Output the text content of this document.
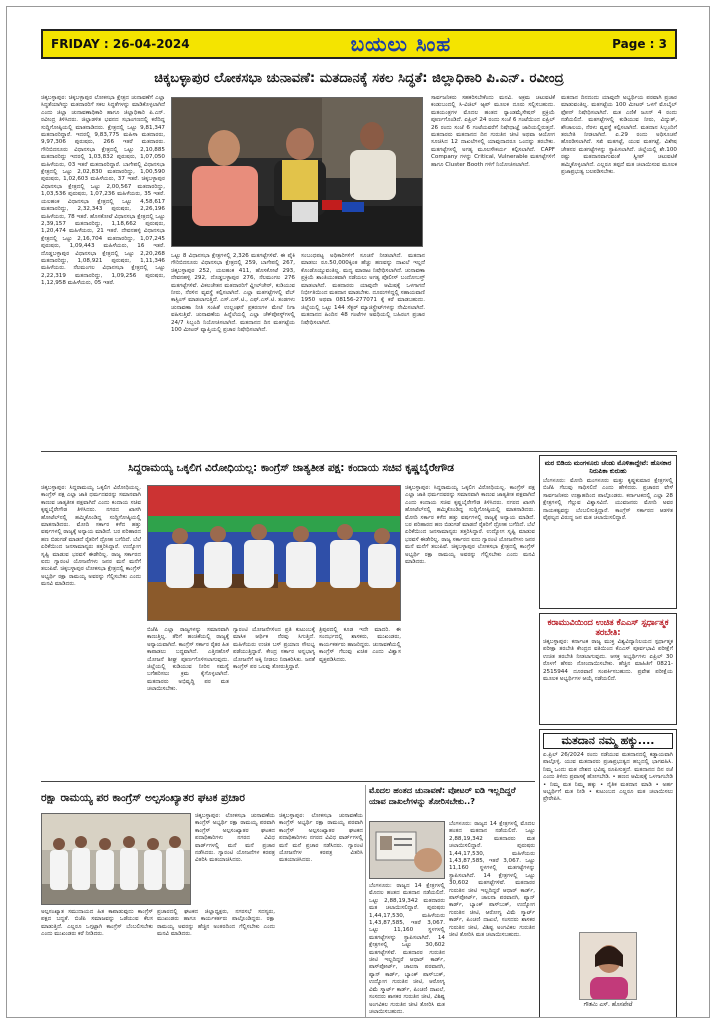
FRIDAY : 26-04-2024	ಬಯಲು ಸಿಂಹ	Page : 3
ಚಿಕ್ಕಬಳ್ಳಾಪುರ ಲೋಕಸಭಾ ಚುನಾವಣೆ: ಮತದಾನಕ್ಕೆ ಸಕಲ ಸಿದ್ಧತೆ: ಜಿಲ್ಲಾಧಿಕಾರಿ ಪಿ.ಎನ್. ರವೀಂದ್ರ
ಚಿಕ್ಕಬಳ್ಳಾಪುರ: ಚಿಕ್ಕಬಳ್ಳಾಪುರ ಲೋಕಸಭಾ ಕ್ಷೇತ್ರದ ಚುನಾವಣೆಗೆ ಎಲ್ಲಾ ಸಿದ್ಧತೆಯಾಗಿದ್ದು ಮತದಾರರಿಗೆ ಸಕಲ ಸಿದ್ಧತೆಗಳನ್ನು ಮಾಡಿಕೊಳ್ಳಲಾಗಿದೆ ಎಂದು ಜಿಲ್ಲಾ ಚುನಾವಣಾಧಿಕಾರಿ ಹಾಗೂ ಜಿಲ್ಲಾಧಿಕಾರಿ ಪಿ.ಎನ್. ರವೀಂದ್ರ ತಿಳಿಸಿದರು. ಜಿಲ್ಲಾಡಳಿತ ಭವನದ ಸಭಾಂಗಣದಲ್ಲಿ ಕರೆದಿದ್ದ ಸುದ್ದಿಗೋಷ್ಠಿಯಲ್ಲಿ ಮಾತನಾಡಿದರು. ಕ್ಷೇತ್ರದಲ್ಲಿ ಒಟ್ಟು 9,81,347 ಮತದಾರರಿದ್ದಾರೆ. ಇದರಲ್ಲಿ 9,83,775 ಮಹಿಳಾ ಮತದಾರರು, 9,97,306 ಪುರುಷರು, 266 ಇತರೆ ಮತದಾರರು. ಗೌರಿಬಿದನೂರು ವಿಧಾನಸಭಾ ಕ್ಷೇತ್ರದಲ್ಲಿ ಒಟ್ಟು 2,10,885 ಮತದಾರರಿದ್ದು ಇದರಲ್ಲಿ 1,03,832 ಪುರುಷರು, 1,07,050 ಮಹಿಳೆಯರು, 03 ಇತರೆ ಮತದಾರರಿದ್ದಾರೆ. ಬಾಗೇಪಲ್ಲಿ ವಿಧಾನಸಭಾ ಕ್ಷೇತ್ರದಲ್ಲಿ ಒಟ್ಟು 2,02,830 ಮತದಾರರಿದ್ದು, 1,00,590 ಪುರುಷರು, 1,02,603 ಮಹಿಳೆಯರು, 37 ಇತರೆ. ಚಿಕ್ಕಬಳ್ಳಾಪುರ ವಿಧಾನಸಭಾ ಕ್ಷೇತ್ರದಲ್ಲಿ ಒಟ್ಟು 2,00,567 ಮತದಾರರಿದ್ದು, 1,03,536 ಪುರುಷರು, 1,07,236 ಮಹಿಳೆಯರು, 35 ಇತರೆ. ಯಲಹಂಕ ವಿಧಾನಸಭಾ ಕ್ಷೇತ್ರದಲ್ಲಿ ಒಟ್ಟು 4,58,617 ಮತದಾರರಿದ್ದು, 2,32,343 ಪುರುಷರು, 2,26,196 ಮಹಿಳೆಯರು, 78 ಇತರೆ. ಹೊಸಕೋಟೆ ವಿಧಾನಸಭಾ ಕ್ಷೇತ್ರದಲ್ಲಿ ಒಟ್ಟು 2,39,157 ಮತದಾರರಿದ್ದು, 1,18,662 ಪುರುಷರು, 1,20,474 ಮಹಿಳೆಯರು, 21 ಇತರೆ. ದೇವನಹಳ್ಳಿ ವಿಧಾನಸಭಾ ಕ್ಷೇತ್ರದಲ್ಲಿ ಒಟ್ಟು 2,16,704 ಮತದಾರರಿದ್ದು, 1,07,245 ಪುರುಷರು, 1,09,443 ಮಹಿಳೆಯರು, 16 ಇತರೆ. ದೊಡ್ಡಬಳ್ಳಾಪುರ ವಿಧಾನಸಭಾ ಕ್ಷೇತ್ರದಲ್ಲಿ ಒಟ್ಟು 2,20,268 ಮತದಾರರಿದ್ದು, 1,08,921 ಪುರುಷರು, 1,11,346 ಮಹಿಳೆಯರು. ನೆಲಮಂಗಲ ವಿಧಾನಸಭಾ ಕ್ಷೇತ್ರದಲ್ಲಿ ಒಟ್ಟು 2,22,319 ಮತದಾರರಿದ್ದು, 1,09,256 ಪುರುಷರು, 1,12,958 ಮಹಿಳೆಯರು, 05 ಇತರೆ.
ಒಟ್ಟು 8 ವಿಧಾನಸಭಾ ಕ್ಷೇತ್ರಗಳಲ್ಲಿ 2,326 ಮತಗಟ್ಟೆಗಳಿವೆ. ಈ ಪೈಕಿ ಗೌರಿಬಿದನೂರು ವಿಧಾನಸಭಾ ಕ್ಷೇತ್ರದಲ್ಲಿ 259, ಬಾಗೇಪಲ್ಲಿ 267, ಚಿಕ್ಕಬಳ್ಳಾಪುರ 252, ಯಲಹಂಕ 411, ಹೊಸಕೋಟೆ 293, ದೇವನಹಳ್ಳಿ 292, ದೊಡ್ಡಬಳ್ಳಾಪುರ 276, ನೆಲಮಂಗಲ 276 ಮತಗಟ್ಟೆಗಳಿವೆ. ವಿಕಲಚೇತನ ಮತದಾರರಿಗೆ ವ್ಹೀಲ್‌ಚೇರ್, ಕುಡಿಯುವ ನೀರು, ನೆರಳಿನ ವ್ಯವಸ್ಥೆ ಕಲ್ಪಿಸಲಾಗಿದೆ. ಎಲ್ಲಾ ಮತಗಟ್ಟೆಗಳಲ್ಲಿ ವೆಬ್ ಕಾಸ್ಟಿಂಗ್ ಮಾಡಲಾಗುತ್ತಿದೆ. ಎಸ್.ಎಸ್.ಟಿ., ಎಫ್.ಎಸ್.ಟಿ. ತಂಡಗಳು ಚುನಾವಣಾ ನೀತಿ ಸಂಹಿತೆ ಉಲ್ಲಂಘನೆ ಪ್ರಕರಣಗಳ ಮೇಲೆ ನಿಗಾ ವಹಿಸುತ್ತಿವೆ. ಚುನಾವಣೆಯ ಹಿನ್ನೆಲೆಯಲ್ಲಿ ಎಲ್ಲಾ ಚೆಕ್‌ಪೋಸ್ಟ್‌ಗಳಲ್ಲಿ 24/7 ಸಿಬ್ಬಂದಿ ನಿಯೋಜಿಸಲಾಗಿದೆ. ಮತದಾನದ ದಿನ ಮತಗಟ್ಟೆಯ 100 ಮೀಟರ್ ವ್ಯಾಪ್ತಿಯಲ್ಲಿ ಪ್ರಚಾರ ನಿಷೇಧಿಸಲಾಗಿದೆ.
ಸಂಬಂಧಪಟ್ಟ ಅಧಿಕಾರಿಗಳಿಗೆ ಸೂಚನೆ ನೀಡಲಾಗಿದೆ. ಮತದಾನ ಮಾಡಲು ರೂ.50,000ಕ್ಕಿಂತ ಹೆಚ್ಚು ಹಣವನ್ನು ದಾಖಲೆ ಇಲ್ಲದೆ ಕೊಂಡೊಯ್ಯುವಂತಿಲ್ಲ. ಮದ್ಯ ಮಾರಾಟ ನಿಷೇಧಿಸಲಾಗಿದೆ. ಚುನಾವಣಾ ಪ್ರಕ್ರಿಯೆ ಶಾಂತಿಯುತವಾಗಿ ನಡೆಯಲು ಅಗತ್ಯ ಪೊಲೀಸ್ ಬಂದೋಬಸ್ತ್ ಮಾಡಲಾಗಿದೆ. ಮತದಾರರು ಯಾವುದೇ ಆಮಿಷಕ್ಕೆ ಒಳಗಾಗದೆ ನಿರ್ಭೀತಿಯಿಂದ ಮತದಾನ ಮಾಡಬೇಕು. ದೂರುಗಳಿದ್ದಲ್ಲಿ ಸಹಾಯವಾಣಿ 1950 ಅಥವಾ 08156-277071 ಕ್ಕೆ ಕರೆ ಮಾಡಬಹುದು. ಜಿಲ್ಲೆಯಲ್ಲಿ ಒಟ್ಟು 144 ಸೆಕ್ಟರ್ ಮ್ಯಾಜಿಸ್ಟ್ರೇಟ್‌ಗಳನ್ನು ನೇಮಿಸಲಾಗಿದೆ. ಮತದಾನದ ಹಿಂದಿನ 48 ಗಂಟೆಗಳ ಅವಧಿಯಲ್ಲಿ ಬಹಿರಂಗ ಪ್ರಚಾರ ನಿಷೇಧಿಸಲಾಗಿದೆ.
ಸಾರ್ವಜನಿಕರು ಸಹಕರಿಸಬೇಕೆಂದು ಮನವಿ. ಅಕ್ರಮ ಚಟುವಟಿಕೆ ಕಂಡುಬಂದಲ್ಲಿ ಸಿ-ವಿಜಿಲ್ ಆ್ಯಪ್ ಮೂಲಕ ದೂರು ಸಲ್ಲಿಸಬಹುದು. ಮತಯಂತ್ರಗಳ ಮೊದಲ ಹಂತದ ರ‍್ಯಾಂಡಮೈಸೇಷನ್ ಪ್ರಕ್ರಿಯೆ ಪೂರ್ಣಗೊಂಡಿದೆ. ಏಪ್ರಿಲ್ 24 ರಂದು ಸಂಜೆ 6 ಗಂಟೆಯಿಂದ ಏಪ್ರಿಲ್ 26 ರಂದು ಸಂಜೆ 6 ಗಂಟೆಯವರೆಗೆ ನಿಷೇಧಾಜ್ಞೆ ಜಾರಿಯಲ್ಲಿರುತ್ತದೆ. ಮತದಾರರು ಮತದಾನದ ದಿನ ಗುರುತಿನ ಚೀಟಿ ಅಥವಾ ಆಯೋಗ ಸೂಚಿಸಿದ 12 ದಾಖಲೆಗಳಲ್ಲಿ ಯಾವುದಾದರೂ ಒಂದನ್ನು ತರಬೇಕು. ಮತಗಟ್ಟೆಗಳಲ್ಲಿ ಅಗತ್ಯ ಮೂಲಸೌಕರ್ಯ ಕಲ್ಪಿಸಲಾಗಿದೆ. CAPF Company ಗಳನ್ನು Critical, Vulnerable ಮತಗಟ್ಟೆಗಳಿಗೆ ಹಾಗೂ Cluster Booth ಗಳಿಗೆ ನಿಯೋಜಿಸಲಾಗಿದೆ.
ಮತದಾನ ದಿನದಂದು ಯಾವುದೇ ಅಭ್ಯರ್ಥಿಯ ಪರವಾಗಿ ಪ್ರಚಾರ ಮಾಡುವಂತಿಲ್ಲ. ಮತಗಟ್ಟೆಯ 100 ಮೀಟರ್ ಒಳಗೆ ಮೊಬೈಲ್ ಫೋನ್ ನಿಷೇಧಿಸಲಾಗಿದೆ. ಮತ ಎಣಿಕೆ ಜೂನ್ 4 ರಂದು ನಡೆಯಲಿದೆ. ಮತಗಟ್ಟೆಗಳಲ್ಲಿ ಕುಡಿಯುವ ನೀರು, ವಿದ್ಯುತ್, ಶೌಚಾಲಯ, ನೆರಳು ವ್ಯವಸ್ಥೆ ಕಲ್ಪಿಸಲಾಗಿದೆ. ಮತದಾನ ಸಿಬ್ಬಂದಿಗೆ ತರಬೇತಿ ನೀಡಲಾಗಿದೆ. ಏ.29 ರಂದು ಅಧಿಸೂಚನೆ ಹೊರಡಿಸಲಾಗಿದೆ. ಸಖಿ ಮತಗಟ್ಟೆ, ಯುವ ಮತಗಟ್ಟೆ, ವಿಶೇಷ ಚೇತನರ ಮತಗಟ್ಟೆಗಳನ್ನು ಸ್ಥಾಪಿಸಲಾಗಿದೆ. ಜಿಲ್ಲೆಯಲ್ಲಿ ಶೇ.100 ರಷ್ಟು ಮತದಾನವಾಗುವಂತೆ ಸ್ವೀಪ್ ಚಟುವಟಿಕೆ ಹಮ್ಮಿಕೊಳ್ಳಲಾಗಿದೆ. ಎಲ್ಲರೂ ತಪ್ಪದೆ ಮತ ಚಲಾಯಿಸುವ ಮೂಲಕ ಪ್ರಜಾಪ್ರಭುತ್ವ ಬಲಪಡಿಸಬೇಕು.
ಸಿದ್ದರಾಮಯ್ಯ ಒಕ್ಕಲಿಗ ವಿರೋಧಿಯಲ್ಲ: ಕಾಂಗ್ರೆಸ್ ಜಾತ್ಯತೀತ ಪಕ್ಷ: ಕಂದಾಯ ಸಚಿವ ಕೃಷ್ಣಬೈರೇಗೌಡ
ಚಿಕ್ಕಬಳ್ಳಾಪುರ: ಸಿದ್ದರಾಮಯ್ಯ ಒಕ್ಕಲಿಗ ವಿರೋಧಿಯಲ್ಲ. ಕಾಂಗ್ರೆಸ್ ಪಕ್ಷ ಎಲ್ಲಾ ಜಾತಿ ಧರ್ಮದವರನ್ನು ಸಮಾನವಾಗಿ ಕಾಣುವ ಜಾತ್ಯತೀತ ಪಕ್ಷವಾಗಿದೆ ಎಂದು ಕಂದಾಯ ಸಚಿವ ಕೃಷ್ಣಬೈರೇಗೌಡ ತಿಳಿಸಿದರು. ನಗರದ ಖಾಸಗಿ ಹೋಟೆಲ್‌ನಲ್ಲಿ ಹಮ್ಮಿಕೊಂಡಿದ್ದ ಸುದ್ದಿಗೋಷ್ಠಿಯಲ್ಲಿ ಮಾತನಾಡಿದರು. ಮೋದಿ ಸರ್ಕಾರ ಕಳೆದ ಹತ್ತು ವರ್ಷಗಳಲ್ಲಿ ರಾಜ್ಯಕ್ಕೆ ಅನ್ಯಾಯ ಮಾಡಿದೆ. ಬರ ಪರಿಹಾರದ ಹಣ ಬಿಡುಗಡೆ ಮಾಡದೆ ರೈತರಿಗೆ ದ್ರೋಹ ಬಗೆದಿದೆ. ಬೆಲೆ ಏರಿಕೆಯಿಂದ ಜನಸಾಮಾನ್ಯರು ತತ್ತರಿಸಿದ್ದಾರೆ. ಉದ್ಯೋಗ ಸೃಷ್ಟಿ ಮಾಡುವ ಭರವಸೆ ಈಡೇರಿಲ್ಲ. ರಾಜ್ಯ ಸರ್ಕಾರದ ಐದು ಗ್ಯಾರಂಟಿ ಯೋಜನೆಗಳು ಜನರ ಮನೆ ಮನೆಗೆ ತಲುಪಿವೆ. ಚಿಕ್ಕಬಳ್ಳಾಪುರ ಲೋಕಸಭಾ ಕ್ಷೇತ್ರದಲ್ಲಿ ಕಾಂಗ್ರೆಸ್ ಅಭ್ಯರ್ಥಿ ರಕ್ಷಾ ರಾಮಯ್ಯ ಅವರನ್ನು ಗೆಲ್ಲಿಸಬೇಕು ಎಂದು ಮನವಿ ಮಾಡಿದರು.
ಬಿಜೆಪಿ ಎಲ್ಲಾ ರಾಜ್ಯಗಳನ್ನು ಸಮಾನವಾಗಿ ಕಾಣುತ್ತಿಲ್ಲ. ತೆರಿಗೆ ಹಂಚಿಕೆಯಲ್ಲಿ ರಾಜ್ಯಕ್ಕೆ ಅನ್ಯಾಯವಾಗಿದೆ. ಕಾಂಗ್ರೆಸ್ ಸರ್ಕಾರ ರೈತರ ಹಿತ ಕಾಪಾಡಲು ಬದ್ಧವಾಗಿದೆ. ಎತ್ತಿನಹೊಳೆ ಯೋಜನೆ ಶೀಘ್ರ ಪೂರ್ಣಗೊಳಿಸಲಾಗುವುದು. ಜಿಲ್ಲೆಯಲ್ಲಿ ಕುಡಿಯುವ ನೀರಿನ ಸಮಸ್ಯೆ ಬಗೆಹರಿಸಲು ಕ್ರಮ ಕೈಗೊಳ್ಳಲಾಗಿದೆ. ಮತದಾರರು ಅಭಿವೃದ್ಧಿ ಪರ ಮತ ಚಲಾಯಿಸಬೇಕು.
ಗ್ಯಾರಂಟಿ ಯೋಜನೆಗಳಿಂದ ಪ್ರತಿ ಕುಟುಂಬಕ್ಕೆ ಮಾಸಿಕ ಆರ್ಥಿಕ ನೆರವು ಸಿಗುತ್ತಿದೆ. ಮಹಿಳೆಯರು ಉಚಿತ ಬಸ್ ಪ್ರಯಾಣ ಸೌಲಭ್ಯ ಪಡೆಯುತ್ತಿದ್ದಾರೆ. ಕೇಂದ್ರ ಸರ್ಕಾರ ಅನ್ನಭಾಗ್ಯ ಯೋಜನೆಗೆ ಅಕ್ಕಿ ನೀಡಲು ನಿರಾಕರಿಸಿತು. ಜನತೆ ಕಾಂಗ್ರೆಸ್ ಪರ ಒಲವು ತೋರುತ್ತಿದ್ದಾರೆ.
ತ್ರಿಪುರದಲ್ಲಿ ಕೂಡ ಇದೇ ಮಾದರಿ. ಈ ಸಂದರ್ಭದಲ್ಲಿ ಶಾಸಕರು, ಮುಖಂಡರು, ಕಾರ್ಯಕರ್ತರು ಹಾಜರಿದ್ದರು. ಚುನಾವಣೆಯಲ್ಲಿ ಕಾಂಗ್ರೆಸ್ ಗೆಲುವು ಖಚಿತ ಎಂದು ವಿಶ್ವಾಸ ವ್ಯಕ್ತಪಡಿಸಿದರು.
ಚಿಕ್ಕಬಳ್ಳಾಪುರ: ಸಿದ್ದರಾಮಯ್ಯ ಒಕ್ಕಲಿಗ ವಿರೋಧಿಯಲ್ಲ. ಕಾಂಗ್ರೆಸ್ ಪಕ್ಷ ಎಲ್ಲಾ ಜಾತಿ ಧರ್ಮದವರನ್ನು ಸಮಾನವಾಗಿ ಕಾಣುವ ಜಾತ್ಯತೀತ ಪಕ್ಷವಾಗಿದೆ ಎಂದು ಕಂದಾಯ ಸಚಿವ ಕೃಷ್ಣಬೈರೇಗೌಡ ತಿಳಿಸಿದರು. ನಗರದ ಖಾಸಗಿ ಹೋಟೆಲ್‌ನಲ್ಲಿ ಹಮ್ಮಿಕೊಂಡಿದ್ದ ಸುದ್ದಿಗೋಷ್ಠಿಯಲ್ಲಿ ಮಾತನಾಡಿದರು. ಮೋದಿ ಸರ್ಕಾರ ಕಳೆದ ಹತ್ತು ವರ್ಷಗಳಲ್ಲಿ ರಾಜ್ಯಕ್ಕೆ ಅನ್ಯಾಯ ಮಾಡಿದೆ. ಬರ ಪರಿಹಾರದ ಹಣ ಬಿಡುಗಡೆ ಮಾಡದೆ ರೈತರಿಗೆ ದ್ರೋಹ ಬಗೆದಿದೆ. ಬೆಲೆ ಏರಿಕೆಯಿಂದ ಜನಸಾಮಾನ್ಯರು ತತ್ತರಿಸಿದ್ದಾರೆ. ಉದ್ಯೋಗ ಸೃಷ್ಟಿ ಮಾಡುವ ಭರವಸೆ ಈಡೇರಿಲ್ಲ. ರಾಜ್ಯ ಸರ್ಕಾರದ ಐದು ಗ್ಯಾರಂಟಿ ಯೋಜನೆಗಳು ಜನರ ಮನೆ ಮನೆಗೆ ತಲುಪಿವೆ. ಚಿಕ್ಕಬಳ್ಳಾಪುರ ಲೋಕಸಭಾ ಕ್ಷೇತ್ರದಲ್ಲಿ ಕಾಂಗ್ರೆಸ್ ಅಭ್ಯರ್ಥಿ ರಕ್ಷಾ ರಾಮಯ್ಯ ಅವರನ್ನು ಗೆಲ್ಲಿಸಬೇಕು ಎಂದು ಮನವಿ ಮಾಡಿದರು.
ಮರ ಬಿಡಿಯ ಮಂಗಳೂರು ಚೆಂಡು ಮೊಳಿತಾದ್ದೇವೆ: ಹೊಸಕಾರ ನಿರುಪಿಕಾ ಕುರುಹು
ಬೆಂಗಳೂರು: ಮೋದಿ ಮಂಗಳೂರು ಮತ್ತು ಕೃಷ್ಣಕುಮಾರ ಕ್ಷೇತ್ರಗಳಲ್ಲಿ ಬಿಜೆಪಿ ಗೆಲುವು ಸಾಧಿಸಲಿದೆ ಎಂದು ಹೇಳಿದರು. ಪ್ರಚಾರದ ವೇಳೆ ಸಾರ್ವಜನಿಕರು ಉತ್ಸಾಹದಿಂದ ಪಾಲ್ಗೊಂಡರು. ಕರ್ನಾಟಕದಲ್ಲಿ ಎಲ್ಲಾ 28 ಕ್ಷೇತ್ರಗಳಲ್ಲಿ ಗೆಲ್ಲುವ ವಿಶ್ವಾಸವಿದೆ. ಯುವಜನರು ಮೋದಿ ಅವರ ನಾಯಕತ್ವವನ್ನು ಬೆಂಬಲಿಸುತ್ತಿದ್ದಾರೆ. ಕಾಂಗ್ರೆಸ್ ಸರ್ಕಾರದ ಆಡಳಿತ ವೈಫಲ್ಯದ ವಿರುದ್ಧ ಜನ ಮತ ಚಲಾಯಿಸಲಿದ್ದಾರೆ.
ಕರಾಮುವಿಯಿಂದ ಉಚಿತ ಕೆಎಎಸ್ ಸ್ಪರ್ಧಾತ್ಮಕ ತರಬೇತಿ:
ಚಿಕ್ಕಬಳ್ಳಾಪುರ: ಕರ್ನಾಟಕ ರಾಜ್ಯ ಮುಕ್ತ ವಿಶ್ವವಿದ್ಯಾನಿಲಯದ ಸ್ಪರ್ಧಾತ್ಮಕ ಪರೀಕ್ಷಾ ತರಬೇತಿ ಕೇಂದ್ರದ ವತಿಯಿಂದ ಕೆಎಎಸ್ ಪೂರ್ವಭಾವಿ ಪರೀಕ್ಷೆಗೆ ಉಚಿತ ತರಬೇತಿ ನೀಡಲಾಗುವುದು. ಆಸಕ್ತ ಅಭ್ಯರ್ಥಿಗಳು ಏಪ್ರಿಲ್ 30 ರೊಳಗೆ ಹೆಸರು ನೋಂದಾಯಿಸಬೇಕು. ಹೆಚ್ಚಿನ ಮಾಹಿತಿಗೆ 0821-2515944 ದೂರವಾಣಿ ಸಂಪರ್ಕಿಸಬಹುದು. ಪ್ರವೇಶ ಪರೀಕ್ಷೆಯ ಮೂಲಕ ಅಭ್ಯರ್ಥಿಗಳ ಆಯ್ಕೆ ನಡೆಯಲಿದೆ.
ರಕ್ಷಾ ರಾಮಯ್ಯ ಪರ ಕಾಂಗ್ರೆಸ್ ಅಲ್ಪಸಂಖ್ಯಾತರ ಘಟಕ ಪ್ರಚಾರ
ಚಿಕ್ಕಬಳ್ಳಾಪುರ: ಲೋಕಸಭಾ ಚುನಾವಣೆಯ ಕಾಂಗ್ರೆಸ್ ಅಭ್ಯರ್ಥಿ ರಕ್ಷಾ ರಾಮಯ್ಯ ಪರವಾಗಿ ಕಾಂಗ್ರೆಸ್ ಅಲ್ಪಸಂಖ್ಯಾತರ ಘಟಕದ ಪದಾಧಿಕಾರಿಗಳು ನಗರದ ವಿವಿಧ ವಾರ್ಡ್‌ಗಳಲ್ಲಿ ಮನೆ ಮನೆ ಪ್ರಚಾರ ನಡೆಸಿದರು. ಗ್ಯಾರಂಟಿ ಯೋಜನೆಗಳ ಕರಪತ್ರ ವಿತರಿಸಿ ಮತಯಾಚಿಸಿದರು.
ಅಲ್ಪಸಂಖ್ಯಾತ ಸಮುದಾಯದ ಹಿತ ಕಾಪಾಡುವುದು ಕಾಂಗ್ರೆಸ್ ಪಕ್ಷದ ಬದ್ಧತೆ. ಬಿಜೆಪಿ ಸಮಾಜವನ್ನು ಒಡೆಯುವ ಕೆಲಸ ಮಾಡುತ್ತಿದೆ. ಎಲ್ಲರೂ ಒಗ್ಗಟ್ಟಾಗಿ ಕಾಂಗ್ರೆಸ್ ಬೆಂಬಲಿಸಬೇಕು ಎಂದು ಮುಖಂಡರು ಕರೆ ನೀಡಿದರು.
ಪ್ರಚಾರದಲ್ಲಿ ಘಟಕದ ಜಿಲ್ಲಾಧ್ಯಕ್ಷರು, ನಗರಸಭೆ ಸದಸ್ಯರು, ಮುಖಂಡರು ಹಾಗೂ ಕಾರ್ಯಕರ್ತರು ಪಾಲ್ಗೊಂಡಿದ್ದರು. ರಕ್ಷಾ ರಾಮಯ್ಯ ಅವರನ್ನು ಹೆಚ್ಚಿನ ಅಂತರದಿಂದ ಗೆಲ್ಲಿಸಬೇಕು ಎಂದು ಮನವಿ ಮಾಡಿದರು.
ಚಿಕ್ಕಬಳ್ಳಾಪುರ: ಲೋಕಸಭಾ ಚುನಾವಣೆಯ ಕಾಂಗ್ರೆಸ್ ಅಭ್ಯರ್ಥಿ ರಕ್ಷಾ ರಾಮಯ್ಯ ಪರವಾಗಿ ಕಾಂಗ್ರೆಸ್ ಅಲ್ಪಸಂಖ್ಯಾತರ ಘಟಕದ ಪದಾಧಿಕಾರಿಗಳು ನಗರದ ವಿವಿಧ ವಾರ್ಡ್‌ಗಳಲ್ಲಿ ಮನೆ ಮನೆ ಪ್ರಚಾರ ನಡೆಸಿದರು. ಗ್ಯಾರಂಟಿ ಯೋಜನೆಗಳ ಕರಪತ್ರ ವಿತರಿಸಿ ಮತಯಾಚಿಸಿದರು.
ಮೊದಲ ಹಂತದ ಚುನಾವಣೆ: ವೋಟರ್ ಐಡಿ ಇಲ್ಲದಿದ್ದರೆ ಯಾವ ದಾಖಲೆಗಳನ್ನು ತೋರಿಸಬೇಕು..?
ಬೆಂಗಳೂರು: ರಾಜ್ಯದ 14 ಕ್ಷೇತ್ರಗಳಲ್ಲಿ ಮೊದಲ ಹಂತದ ಮತದಾನ ನಡೆಯಲಿದೆ. ಒಟ್ಟು 2,88,19,342 ಮತದಾರರು ಮತ ಚಲಾಯಿಸಲಿದ್ದಾರೆ. ಪುರುಷರು 1,44,17,530, ಮಹಿಳೆಯರು 1,43,87,585, ಇತರೆ 3,067. ಒಟ್ಟು 11,160 ಸ್ಥಳಗಳಲ್ಲಿ ಮತಗಟ್ಟೆಗಳನ್ನು ಸ್ಥಾಪಿಸಲಾಗಿದೆ. 14 ಕ್ಷೇತ್ರಗಳಲ್ಲಿ ಒಟ್ಟು 30,602 ಮತಗಟ್ಟೆಗಳಿವೆ. ಮತದಾರರ ಗುರುತಿನ ಚೀಟಿ ಇಲ್ಲದಿದ್ದರೆ ಆಧಾರ್ ಕಾರ್ಡ್, ಪಾಸ್‌ಪೋರ್ಟ್, ಚಾಲನಾ ಪರವಾನಗಿ, ಪ್ಯಾನ್ ಕಾರ್ಡ್, ಬ್ಯಾಂಕ್ ಪಾಸ್‌ಬುಕ್, ಉದ್ಯೋಗ ಗುರುತಿನ ಚೀಟಿ, ಆರೋಗ್ಯ ವಿಮೆ ಸ್ಮಾರ್ಟ್ ಕಾರ್ಡ್, ಪಿಂಚಣಿ ದಾಖಲೆ, ಸಂಸದರು ಶಾಸಕರ ಗುರುತಿನ ಚೀಟಿ, ವಿಶಿಷ್ಟ ಅಂಗವಿಕಲ ಗುರುತಿನ ಚೀಟಿ ತೋರಿಸಿ ಮತ ಚಲಾಯಿಸಬಹುದು.
ಬೆಂಗಳೂರು: ರಾಜ್ಯದ 14 ಕ್ಷೇತ್ರಗಳಲ್ಲಿ ಮೊದಲ ಹಂತದ ಮತದಾನ ನಡೆಯಲಿದೆ. ಒಟ್ಟು 2,88,19,342 ಮತದಾರರು ಮತ ಚಲಾಯಿಸಲಿದ್ದಾರೆ. ಪುರುಷರು 1,44,17,530, ಮಹಿಳೆಯರು 1,43,87,585, ಇತರೆ 3,067. ಒಟ್ಟು 11,160 ಸ್ಥಳಗಳಲ್ಲಿ ಮತಗಟ್ಟೆಗಳನ್ನು ಸ್ಥಾಪಿಸಲಾಗಿದೆ. 14 ಕ್ಷೇತ್ರಗಳಲ್ಲಿ ಒಟ್ಟು 30,602 ಮತಗಟ್ಟೆಗಳಿವೆ. ಮತದಾರರ ಗುರುತಿನ ಚೀಟಿ ಇಲ್ಲದಿದ್ದರೆ ಆಧಾರ್ ಕಾರ್ಡ್, ಪಾಸ್‌ಪೋರ್ಟ್, ಚಾಲನಾ ಪರವಾನಗಿ, ಪ್ಯಾನ್ ಕಾರ್ಡ್, ಬ್ಯಾಂಕ್ ಪಾಸ್‌ಬುಕ್, ಉದ್ಯೋಗ ಗುರುತಿನ ಚೀಟಿ, ಆರೋಗ್ಯ ವಿಮೆ ಸ್ಮಾರ್ಟ್ ಕಾರ್ಡ್, ಪಿಂಚಣಿ ದಾಖಲೆ, ಸಂಸದರು ಶಾಸಕರ ಗುರುತಿನ ಚೀಟಿ, ವಿಶಿಷ್ಟ ಅಂಗವಿಕಲ ಗುರುತಿನ ಚೀಟಿ ತೋರಿಸಿ ಮತ ಚಲಾಯಿಸಬಹುದು.
ಮತದಾನ ನಮ್ಮ ಹಕ್ಕು....
ಏ.ಪ್ರಿಲ್ 26/2024 ರಂದು ನಡೆಯುವ ಮತದಾನದಲ್ಲಿ ಕಡ್ಡಾಯವಾಗಿ ಪಾಲ್ಗೊಳ್ಳಿ. ಯುವ ಮತದಾರರು ಪ್ರಜಾಪ್ರಭುತ್ವದ ಹಬ್ಬದಲ್ಲಿ ಭಾಗವಹಿಸಿ. ನಿಮ್ಮ ಒಂದು ಮತ ದೇಶದ ಭವಿಷ್ಯ ರೂಪಿಸುತ್ತದೆ. ಮತದಾನದ ದಿನ ರಜೆ ಎಂದು ತಿಳಿದು ಪ್ರವಾಸಕ್ಕೆ ಹೋಗಬೇಡಿ. • ಹಣದ ಆಮಿಷಕ್ಕೆ ಒಳಗಾಗಬೇಡಿ • ನಿಮ್ಮ ಮತ ನಿಮ್ಮ ಹಕ್ಕು • ನೈತಿಕ ಮತದಾನ ಮಾಡಿ • ಅರ್ಹ ಅಭ್ಯರ್ಥಿಗೆ ಮತ ನೀಡಿ • ಕುಟುಂಬದ ಎಲ್ಲರೂ ಮತ ಚಲಾಯಿಸಲು ಪ್ರೇರೇಪಿಸಿ.
ಗೌತಮಿ ಎಸ್. ಹೊಸಪೇಟೆ
